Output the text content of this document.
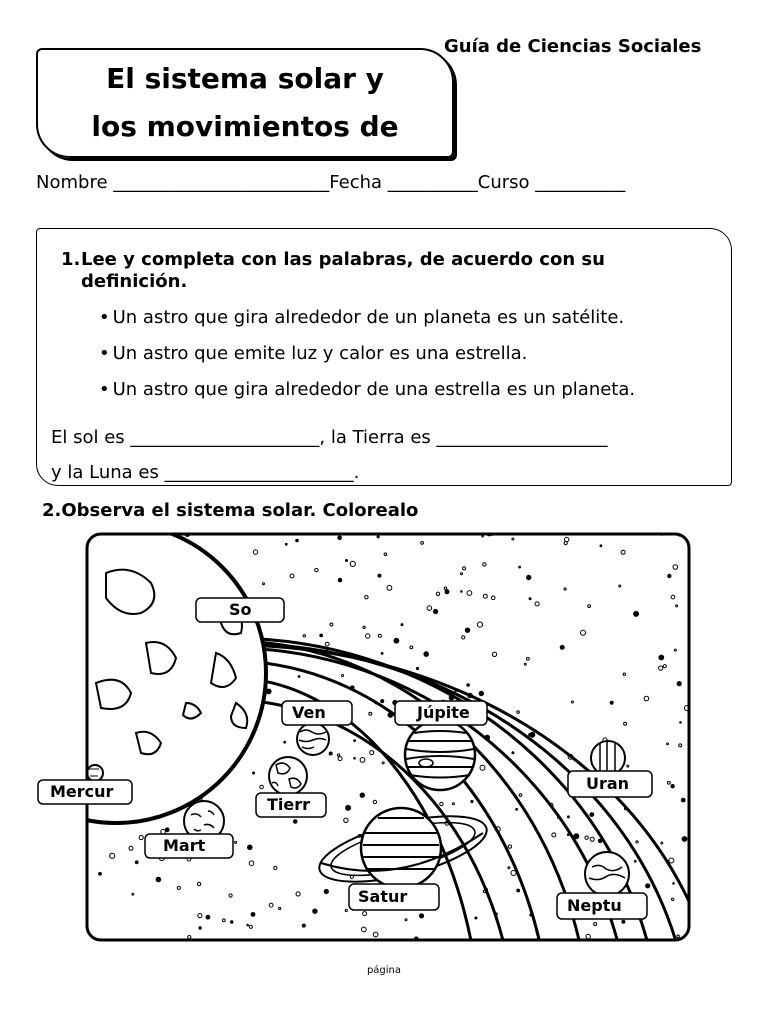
Guía de Ciencias Sociales
El sistema solar y
los movimientos de
Nombre ________________________Fecha __________Curso __________
1. Lee y completa con las palabras, de acuerdo con su definición.
• Un astro que gira alrededor de un planeta es un satélite.
• Un astro que emite luz y calor es una estrella.
• Un astro que gira alrededor de una estrella es un planeta.
El sol es _____________________, la Tierra es ___________________
y la Luna es _____________________.
2.Observa el sistema solar. Colorealo
So
Ven	Júpite
Mercur
Tierr
Uran
Mart
Satur	Neptu
página
